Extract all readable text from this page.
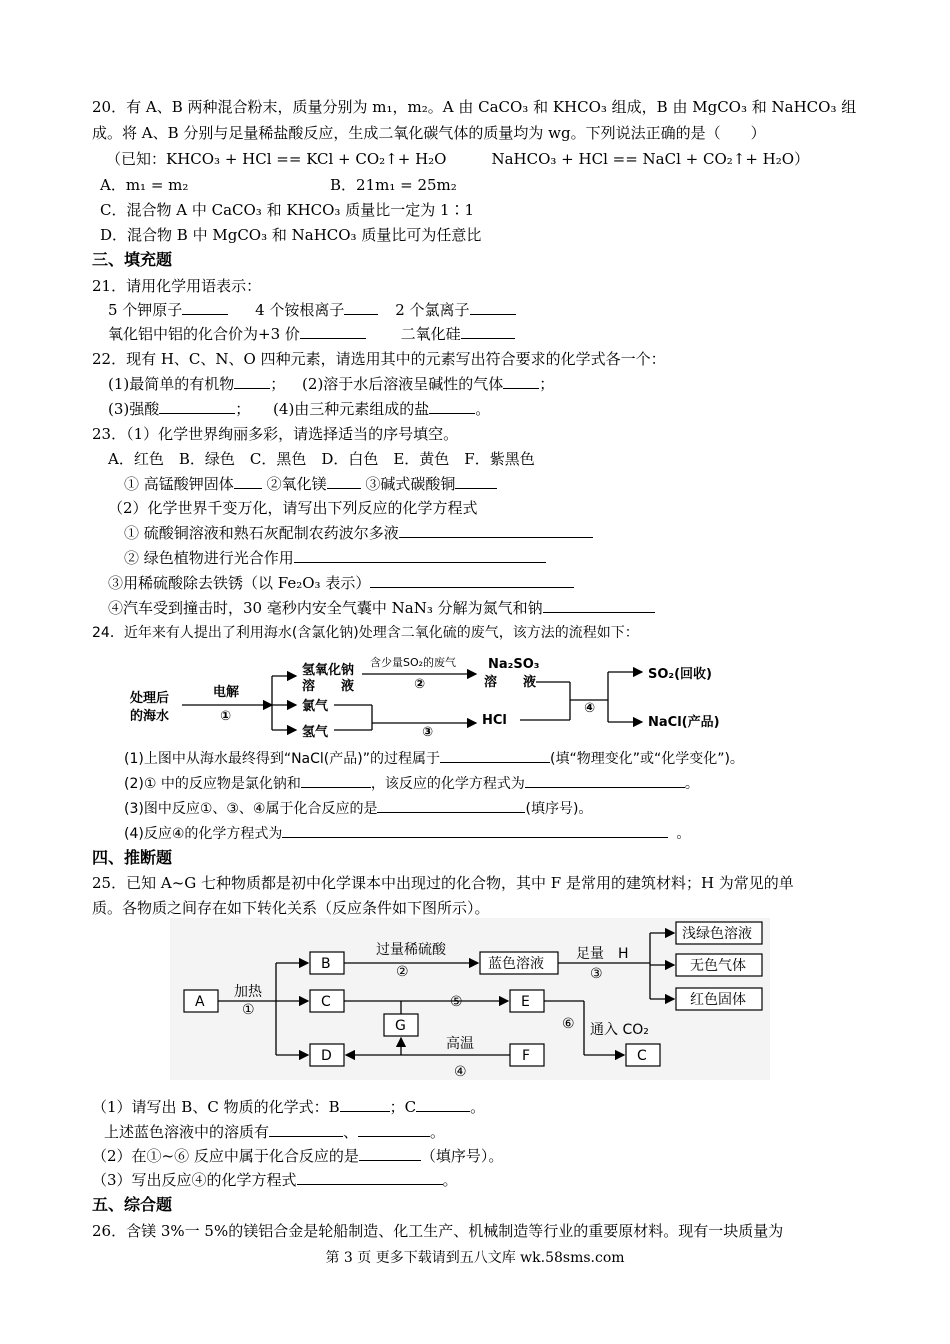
20．有 A、B 两种混合粉末，质量分别为 m₁，m₂。A 由 CaCO₃ 和 KHCO₃ 组成，B 由 MgCO₃ 和 NaHCO₃ 组
成。将 A、B 分别与足量稀盐酸反应，生成二氧化碳气体的质量均为 wg。下列说法正确的是（　　）
（已知：KHCO₃ + HCl == KCl + CO₂↑+ H₂O　　　NaHCO₃ + HCl == NaCl + CO₂↑+ H₂O）
A．m₁ = m₂	B．21m₁ = 25m₂
C．混合物 A 中 CaCO₃ 和 KHCO₃ 质量比一定为 1∶1
D．混合物 B 中 MgCO₃ 和 NaHCO₃ 质量比可为任意比
三、填充题
21．请用化学用语表示：
5 个钾原子	4 个铵根离子	2 个氯离子
氧化铝中铝的化合价为+3 价	二氧化硅
22．现有 H、C、N、O 四种元素，请选用其中的元素写出符合要求的化学式各一个：
(1)最简单的有机物 ； (2)溶于水后溶液呈碱性的气体 ；
(3)强酸	； (4)由三种元素组成的盐	。
23．（1）化学世界绚丽多彩，请选择适当的序号填空。
A．红色　B．绿色　C．黑色　D．白色　E．黄色　F．紫黑色
① 高锰酸钾固体 ②氧化镁	③碱式碳酸铜
（2）化学世界千变万化，请写出下列反应的化学方程式
① 硫酸铜溶液和熟石灰配制农药波尔多液
② 绿色植物进行光合作用
③用稀硫酸除去铁锈（以 Fe₂O₃ 表示）
④汽车受到撞击时，30 毫秒内安全气囊中 NaN₃ 分解为氮气和钠
24．近年来有人提出了利用海水(含氯化钠)处理含二氧化硫的废气，该方法的流程如下：
处理后
的海水
电解
①
氢氧化钠
溶　　液
含少量SO₂的废气
②
Na₂SO₃
溶　　液
氯气
氢气	③
HCl
④
SO₂(回收)
NaCl(产品)
(1)上图中从海水最终得到“NaCl(产品)”的过程属于	(填“物理变化”或“化学变化”)。
(2)① 中的反应物是氯化钠和	，该反应的化学方程式为	。
(3)图中反应①、③、④属于化合反应的是	(填序号)。
(4)反应④的化学方程式为	。
四、推断题
25．已知 A~G 七种物质都是初中化学课本中出现过的化合物，其中 F 是常用的建筑材料；H 为常见的单
质。各物质之间存在如下转化关系（反应条件如下图所示）。
A
B
C
D
G
蓝色溶液
E
F	C
浅绿色溶液
无色气体
红色固体
加热
①
过量稀硫酸
②
足量　H
③
⑤
⑥ 通入 CO₂
高温
④
（1）请写出 B、C 物质的化学式：B	；C	。
上述蓝色溶液中的溶质有	、	。
（2）在①~⑥ 反应中属于化合反应的是	（填序号）。
（3）写出反应④的化学方程式	。
五、综合题
26．含镁 3%一 5%的镁铝合金是轮船制造、化工生产、机械制造等行业的重要原材料。现有一块质量为
第 3 页 更多下载请到五八文库 wk.58sms.com
